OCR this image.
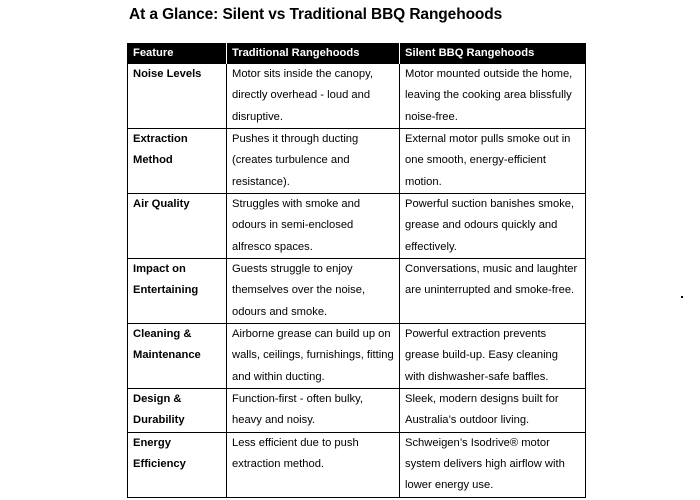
At a Glance: Silent vs Traditional BBQ Rangehoods
Feature	Traditional Rangehoods	Silent BBQ Rangehoods
Noise Levels	Motor sits inside the canopy, directly overhead - loud and disruptive.	Motor mounted outside the home, leaving the cooking area blissfully noise-free.
Extraction Method	Pushes it through ducting (creates turbulence and resistance).	External motor pulls smoke out in one smooth, energy-efficient motion.
Air Quality	Struggles with smoke and odours in semi-enclosed alfresco spaces.	Powerful suction banishes smoke, grease and odours quickly and effectively.
Impact on Entertaining	Guests struggle to enjoy themselves over the noise, odours and smoke.	Conversations, music and laughter are uninterrupted and smoke-free.
Cleaning & Maintenance	Airborne grease can build up on walls, ceilings, furnishings, fitting and within ducting.	Powerful extraction prevents grease build-up. Easy cleaning with dishwasher-safe baffles.
Design & Durability	Function-first - often bulky, heavy and noisy.	Sleek, modern designs built for Australia’s outdoor living.
Energy Efficiency	Less efficient due to push extraction method.	Schweigen’s Isodrive® motor system delivers high airflow with lower energy use.
